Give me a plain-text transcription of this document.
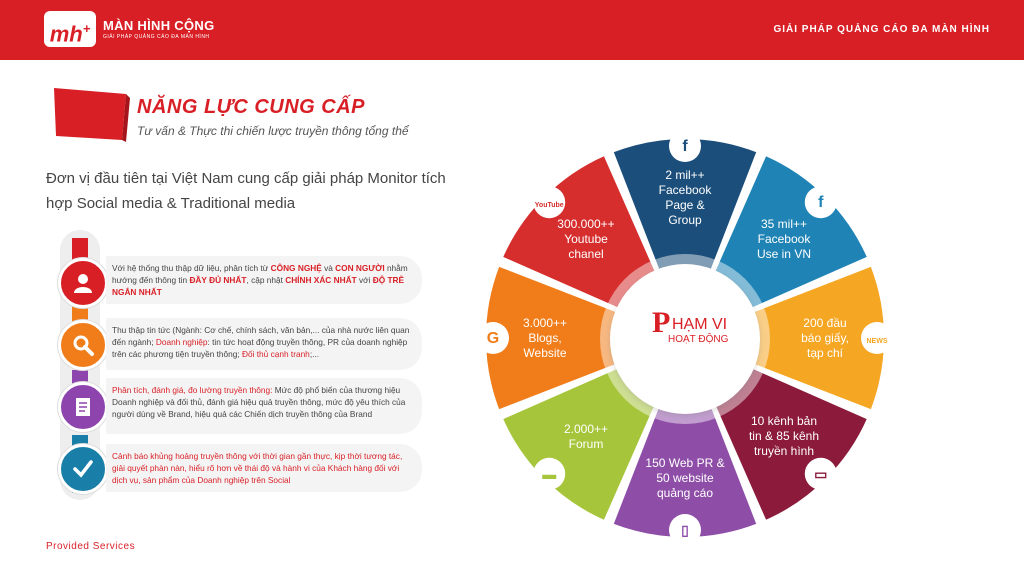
mh+ MÀN HÌNH CỘNG
GIẢI PHÁP QUẢNG CÁO ĐA MÀN HÌNH
GIẢI PHÁP QUẢNG CÁO ĐA MÀN HÌNH
NĂNG LỰC CUNG CẤP
Tư vấn & Thực thi chiến lược truyền thông tổng thể
Đơn vị đầu tiên tại Việt Nam cung cấp giải pháp Monitor tích hợp Social media & Traditional media
Với hệ thống thu thập dữ liệu, phân tích từ CÔNG NGHỆ và CON NGƯỜI nhằm hướng đến thông tin ĐẦY ĐỦ NHẤT, cập nhật CHÍNH XÁC NHẤT với ĐỘ TRỄ NGẮN NHẤT
Thu thập tin tức (Ngành: Cơ chế, chính sách, văn bản,... của nhà nước liên quan đến ngành; Doanh nghiệp: tin tức hoạt động truyền thông, PR của doanh nghiệp trên các phương tiện truyền thông; Đối thủ cạnh tranh;...
Phân tích, đánh giá, đo lường truyền thông: Mức độ phổ biến của thương hiệu Doanh nghiệp và đối thủ, đánh giá hiệu quả truyền thông, mức độ yêu thích của người dùng về Brand, hiệu quả các Chiến dịch truyền thông của Brand
Cảnh báo khủng hoảng truyền thông với thời gian gần thực, kịp thời tương tác, giải quyết phàn nàn, hiểu rõ hơn về thái độ và hành vi của Khách hàng đối với dịch vụ, sản phẩm của Doanh nghiệp trên Social
Provided Services
f
f
NEWS
▭
▯
▬
G
YouTube
2 mil++
Facebook
Page &
Group	35 mil++
Facebook
Use in VN
200 đầu
báo giấy,
tạp chí
10 kênh bản
tin & 85 kênh
truyền hình
150 Web PR &
50 website
quảng cáo
2.000++
Forum
3.000++
Blogs,
Website
300.000++
Youtube
chanel
P HẠM VI
HOẠT ĐỘNG
